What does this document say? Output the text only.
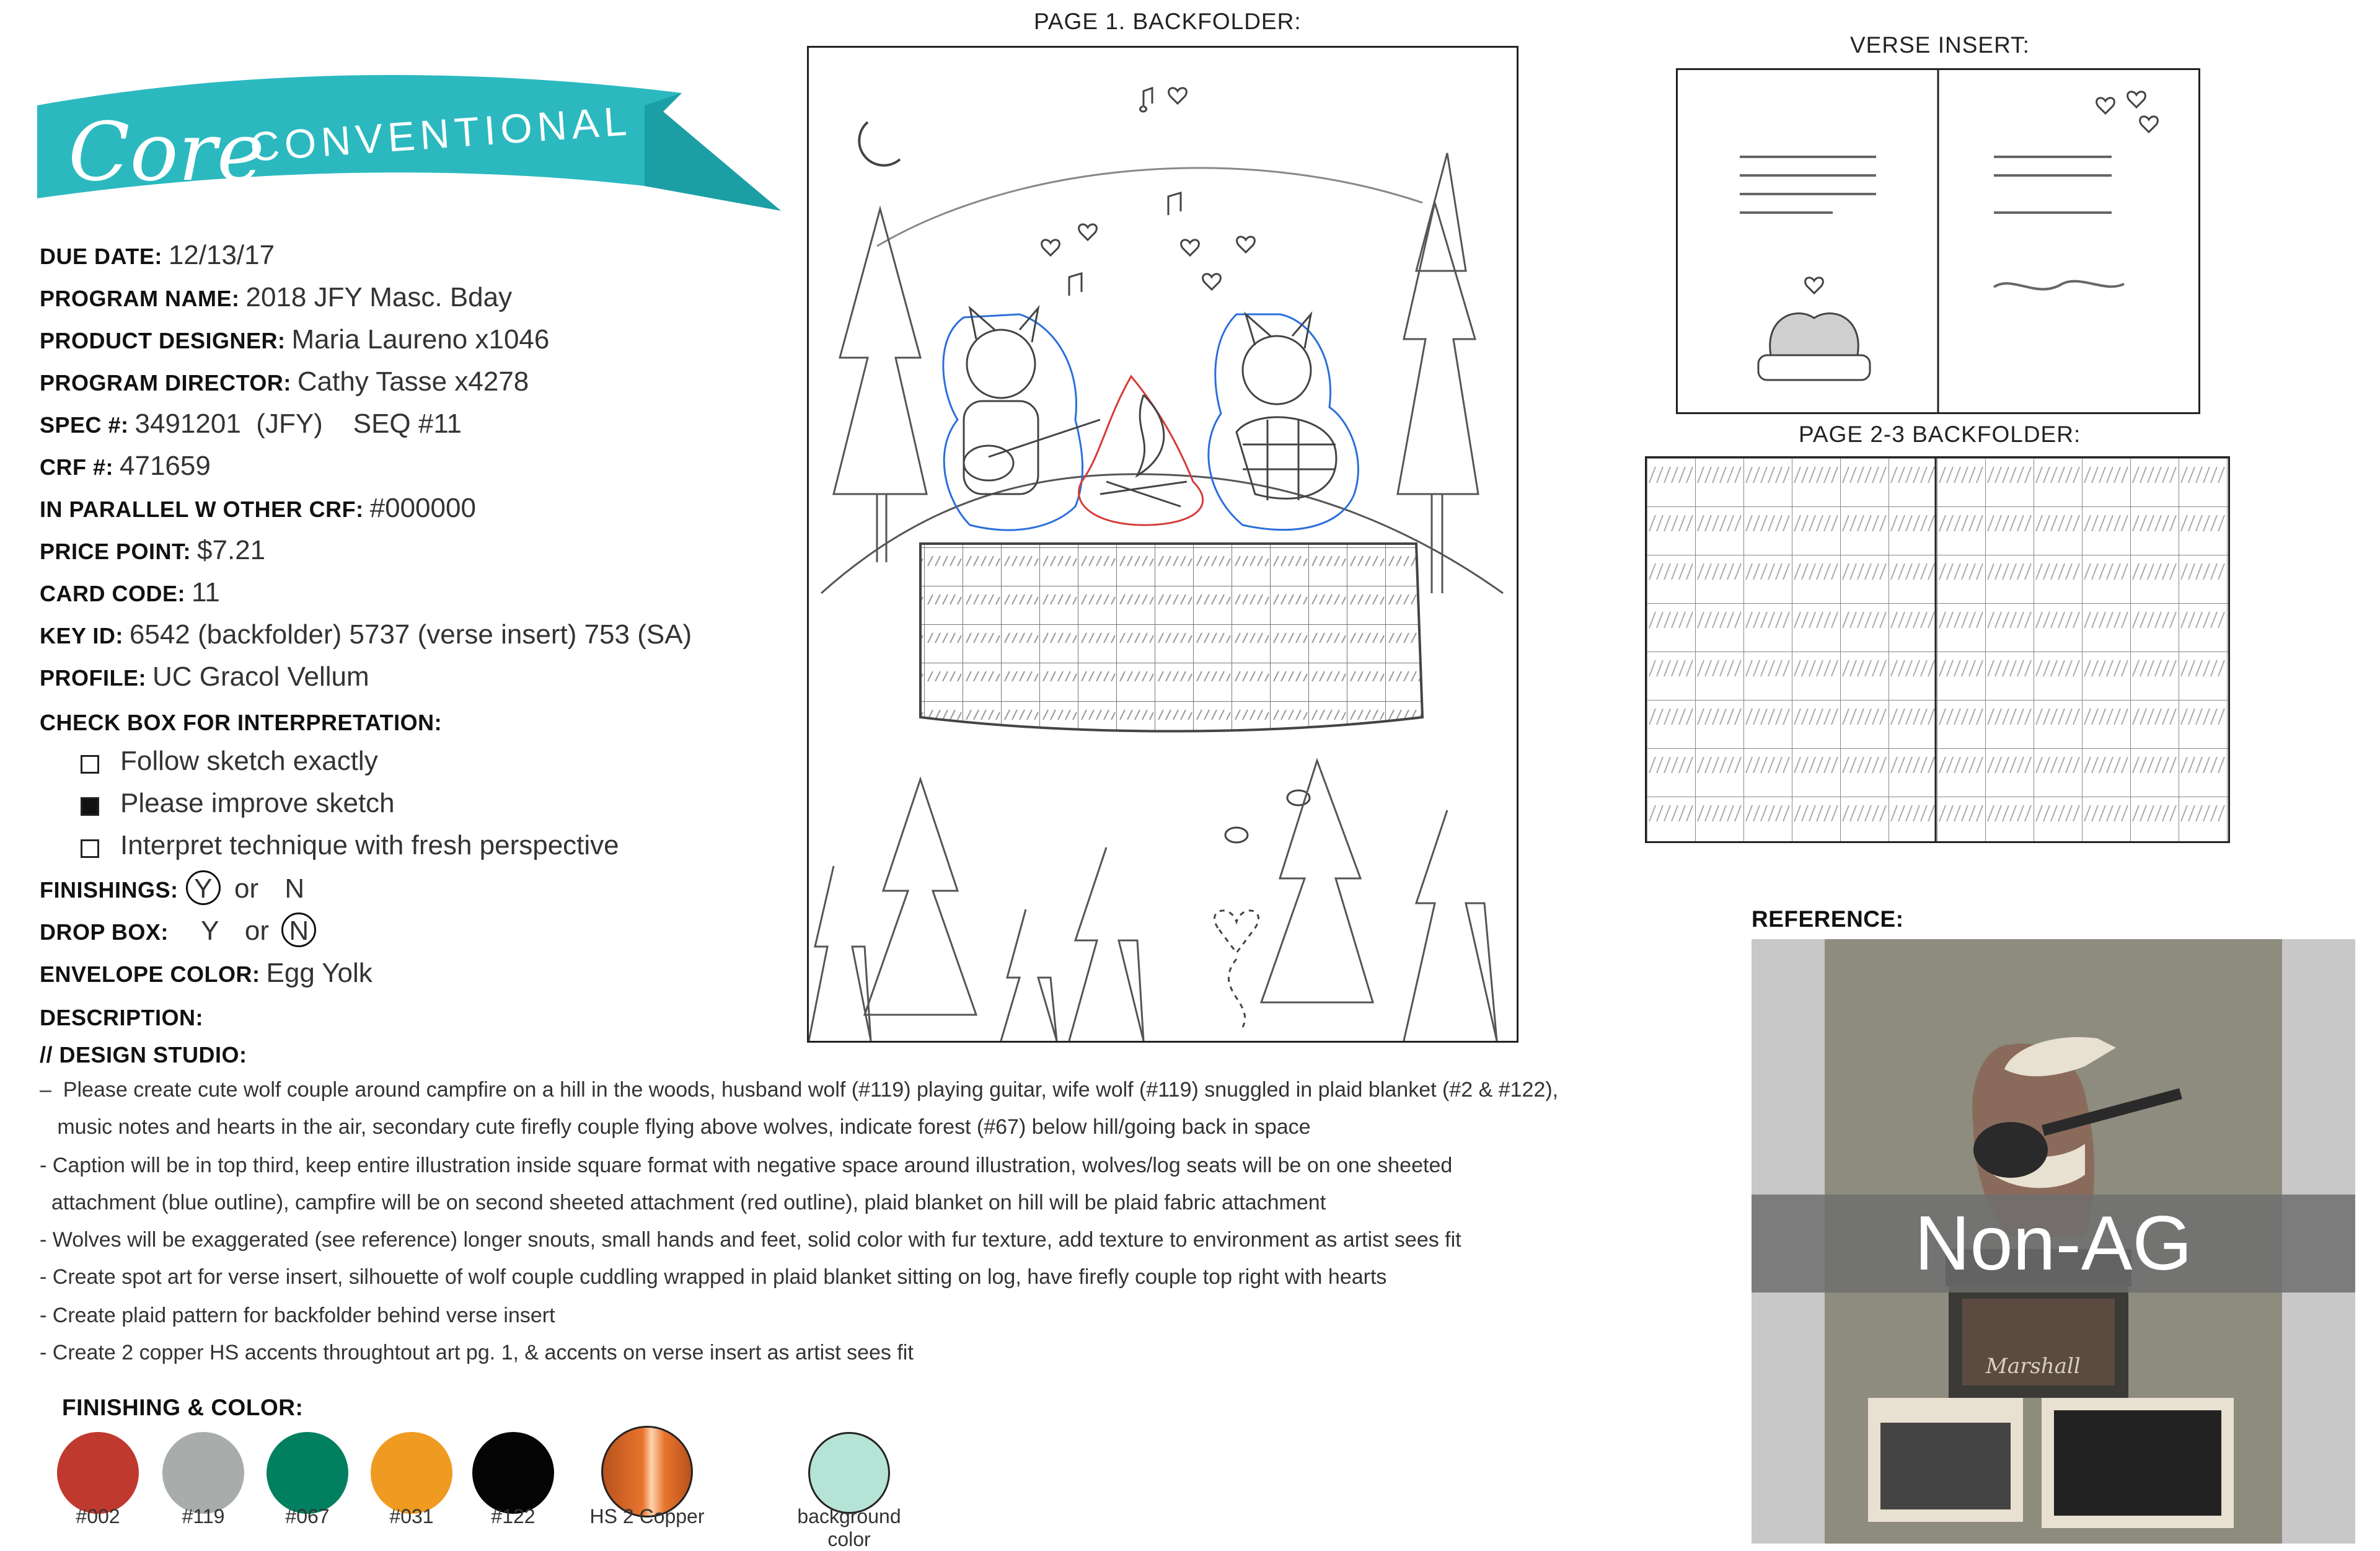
Core
CONVENTIONAL
DUE DATE: 12/13/17
PROGRAM NAME: 2018 JFY Masc. Bday
PRODUCT DESIGNER: Maria Laureno x1046
PROGRAM DIRECTOR: Cathy Tasse x4278
SPEC #: 3491201  (JFY)    SEQ #11
CRF #: 471659
IN PARALLEL W OTHER CRF: #000000
PRICE POINT: $7.21
CARD CODE: 11
KEY ID: 6542 (backfolder) 5737 (verse insert) 753 (SA)
PROFILE: UC Gracol Vellum
CHECK BOX FOR INTERPRETATION:
Follow sketch exactly
Please improve sketch
Interpret technique with fresh perspective
FINISHINGS: Y or N
DROP BOX: Y or N
ENVELOPE COLOR: Egg Yolk
DESCRIPTION:
// DESIGN STUDIO:
–  Please create cute wolf couple around campfire on a hill in the woods, husband wolf (#119) playing guitar, wife wolf (#119) snuggled in plaid blanket (#2 & #122),
music notes and hearts in the air, secondary cute firefly couple flying above wolves, indicate forest (#67) below hill/going back in space
- Caption will be in top third, keep entire illustration inside square format with negative space around illustration, wolves/log seats will be on one sheeted
attachment (blue outline), campfire will be on second sheeted attachment (red outline), plaid blanket on hill will be plaid fabric attachment
- Wolves will be exaggerated (see reference) longer snouts, small hands and feet, solid color with fur texture, add texture to environment as artist sees fit
- Create spot art for verse insert, silhouette of wolf couple cuddling wrapped in plaid blanket sitting on log, have firefly couple top right with hearts
- Create plaid pattern for backfolder behind verse insert
- Create 2 copper HS accents throughtout art pg. 1, & accents on verse insert as artist sees fit
FINISHING & COLOR:
#002	#119	#067	#031	#122	HS 2 Copper	background color
PAGE 1. BACKFOLDER:
VERSE INSERT:
PAGE 2-3 BACKFOLDER:
REFERENCE:
Marshall
Non-AG
